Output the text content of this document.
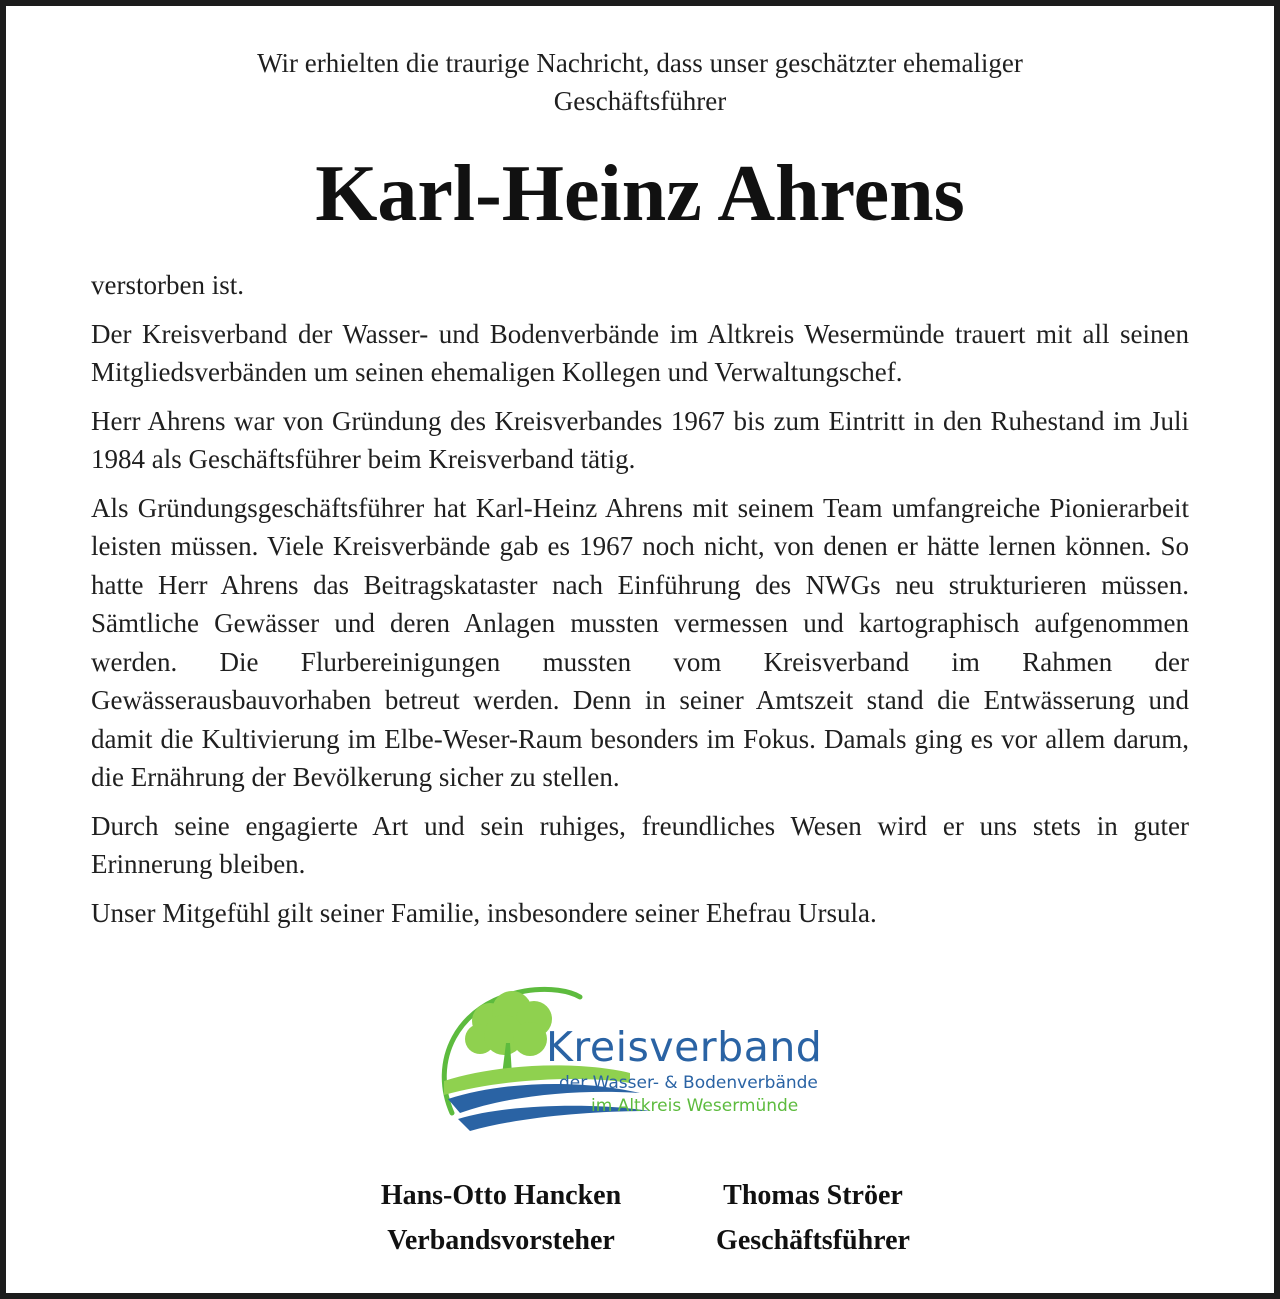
Wir erhielten die traurige Nachricht, dass unser geschätzter ehemaliger
Geschäftsführer
Karl-Heinz Ahrens

verstorben ist.

Der Kreisverband der Wasser- und Bodenverbände im Altkreis Wesermünde trauert mit all seinen Mitgliedsverbänden um seinen ehemaligen Kollegen und Verwaltungschef.

Herr Ahrens war von Gründung des Kreisverbandes 1967 bis zum Eintritt in den Ruhestand im Juli 1984 als Geschäftsführer beim Kreisverband tätig.

Als Gründungsgeschäftsführer hat Karl-Heinz Ahrens mit seinem Team umfangreiche Pionierarbeit leisten müssen. Viele Kreisverbände gab es 1967 noch nicht, von denen er hätte lernen können. So hatte Herr Ahrens das Beitragskataster nach Einführung des NWGs neu strukturieren müssen. Sämtliche Gewässer und deren Anlagen mussten vermessen und kartographisch aufgenommen werden. Die Flurbereinigungen mussten vom Kreisverband im Rahmen der Gewässerausbauvorhaben betreut werden. Denn in seiner Amtszeit stand die Entwässerung und damit die Kultivierung im Elbe-Weser-Raum besonders im Fokus. Damals ging es vor allem darum, die Ernährung der Bevölkerung sicher zu stellen.

Durch seine engagierte Art und sein ruhiges, freundliches Wesen wird er uns stets in guter Erinnerung bleiben.

Unser Mitgefühl gilt seiner Familie, insbesondere seiner Ehefrau Ursula.

Kreisverband
der Wasser- & Bodenverbände
im Altkreis Wesermünde
Hans-Otto Hancken
Verbandsvorsteher
Thomas Ströer
Geschäftsführer
